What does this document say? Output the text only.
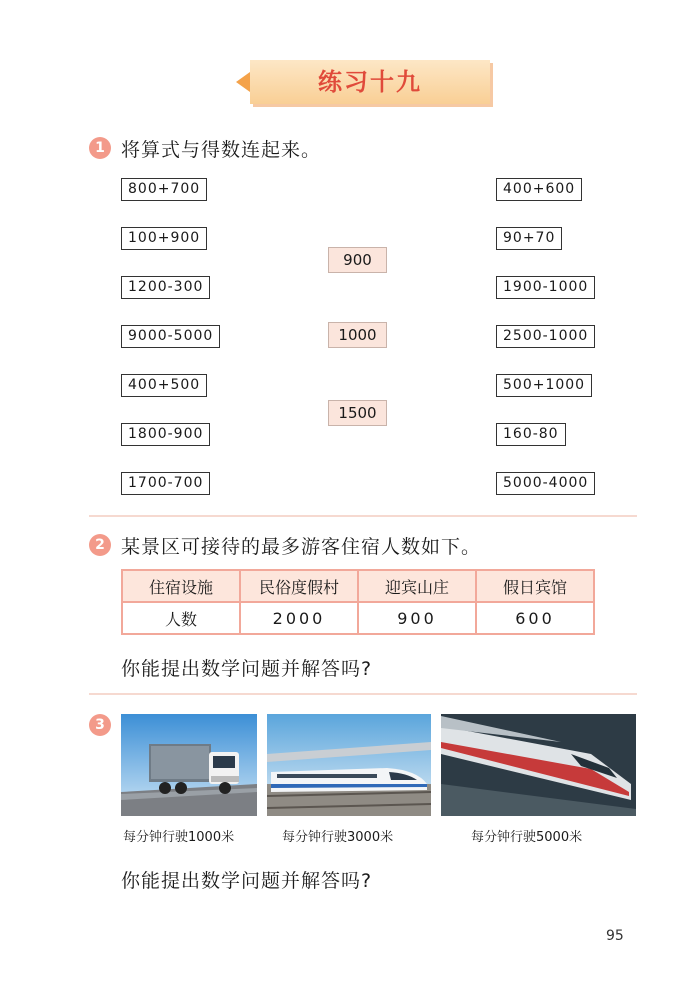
练习十九
1 将算式与得数连起来。
800+700
100+900
1200-300
9000-5000
400+500
1800-900
1700-700
900
1000
1500
400+600
90+70
1900-1000
2500-1000
500+1000
160-80
5000-4000
2 某景区可接待的最多游客住宿人数如下。
住宿设施	民俗度假村	迎宾山庄	假日宾馆
人数	2000	900	600
你能提出数学问题并解答吗?
3
每分钟行驶1000米	每分钟行驶3000米	每分钟行驶5000米
你能提出数学问题并解答吗?
95
